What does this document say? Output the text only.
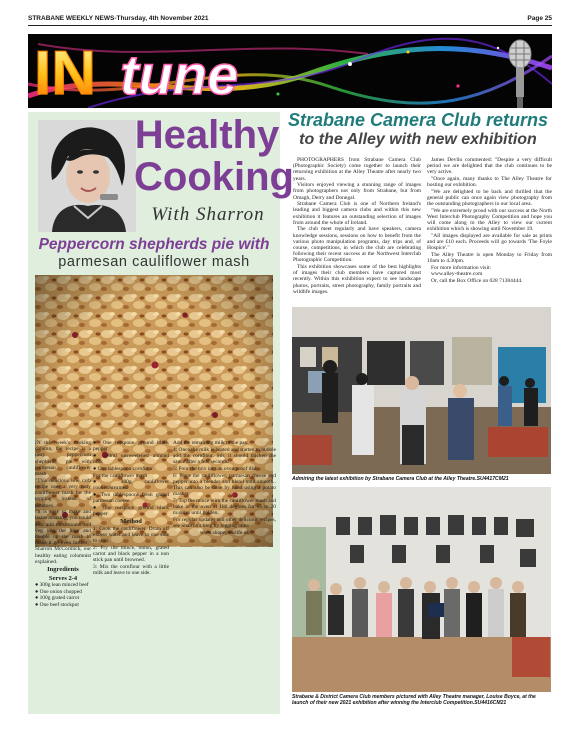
STRABANE WEEKLY NEWS-Thursday, 4th November 2021	Page 25
IN tune
Healthy
Cooking
With Sharron
Peppercorn shepherds pie with
parmesan cauliflower mash

IN this week's cooking column, the recipe is a tasty peppercorn shepherds pie with parmesan cauliflower mash

"This delicious low carb recipe uses a very tasty cauliflower mash for the topping instead of potatoes.

"It is easy to make and tastes amazing, you could also add mushrooms and veg into the base and double up the mash to make it go even further," Sharron McCormick, our healthy eating columnist explained.

Ingredients
Serves 2-4

● 300g lean minced beef

● One onion chopped

● 100g grated carrot

● One beef stockpot

● One teaspoon ground black pepper

● 300ml unsweetened almond milk

● One tablespoon cornflour

For the cauliflower mash

● 300g cauliflower cooked/steamed

● Two tablespoons fresh grated parmesan cheese

● One teaspoon ground black pepper

Method

1: Cook the cauliflower. Drain off excess water and leave to one side to cool.

2: Fry the mince, onion, grated carrot and black pepper in a non stick pan until browned.

3: Mix the cornflour with a little milk and leave to one side.

Add the remaining milk to the pan.

4: Once the milk is heated and started to bubble add the cornflour. Stir, it should thicken the sauce after a few seconds.

5: Pour the mix into an oven proof dish.

6: Place the cauliflower, parmesan cheese and pepper into a blender and blend until smooth.. This can also be done by hand using a potato masher.

7: Top the mince with the cauliflower mash and bake in the oven at 180 degrees for 15 to 20 minutes until golden.

For regular updates and other delicious recipes, see Sharron's blog by logging onto:

www.shapeyouslife.uk

Strabane Camera Club returns
to the Alley with new exhibition

PHOTOGRAPHERS from Strabane Camera Club (Photographic Society) come together to launch their returning exhibition at the Alley Theatre after nearly two years.

Visitors enjoyed viewing a stunning range of images from photographers not only from Strabane, but from Omagh, Derry and Donegal.

Strabane Camera Club is one of Northern Ireland's leading and biggest camera clubs and within this new exhibition it features an outstanding selection of images from around the whole of Ireland.

The club meet regularly and have speakers, camera knowledge sessions, sessions on how to benefit from the various photo manipulation programs, day trips and, of course, competitions, in which the club are celebrating following their recent success at the Northwest Interclub Photographic Competition.

This exhibition showcases some of the best highlights of images their club members have captured most recently. Within this exhibition expect to see landscape photos, portraits, street photography, family portraits and wildlife images.

James Devlin commented: "Despite a very difficult period we are delighted that the club continues to be very active.

"Once again, many thanks to The Alley Theatre for hosting our exhibition.

"We are delighted to be back and thrilled that the general public can once again view photography from the outstanding photographers in our local area.

"We are extremely proud with our success at the North West Interclub Photography Competition and hope you will come along to the Alley to view our current exhibition which is showing until November 19.

"All images displayed are available for sale as prints and are £10 each. Proceeds will go towards 'The Foyle Hospice'."

The Alley Theatre is open Monday to Friday from 10am to 4.30pm.

For more information visit:

www.alley-theatre.com

Or, call the Box Office on 028 71384444.

Admiring the latest exhibition by Strabane Camera Club at the Alley Theatre.SU4417CM21
Strabane & District Camera Club members pictured with Alley Theatre manager, Louise Boyce, at the launch of their new 2021 exhibition after winning the Interclub Competition.SU4416CM21
